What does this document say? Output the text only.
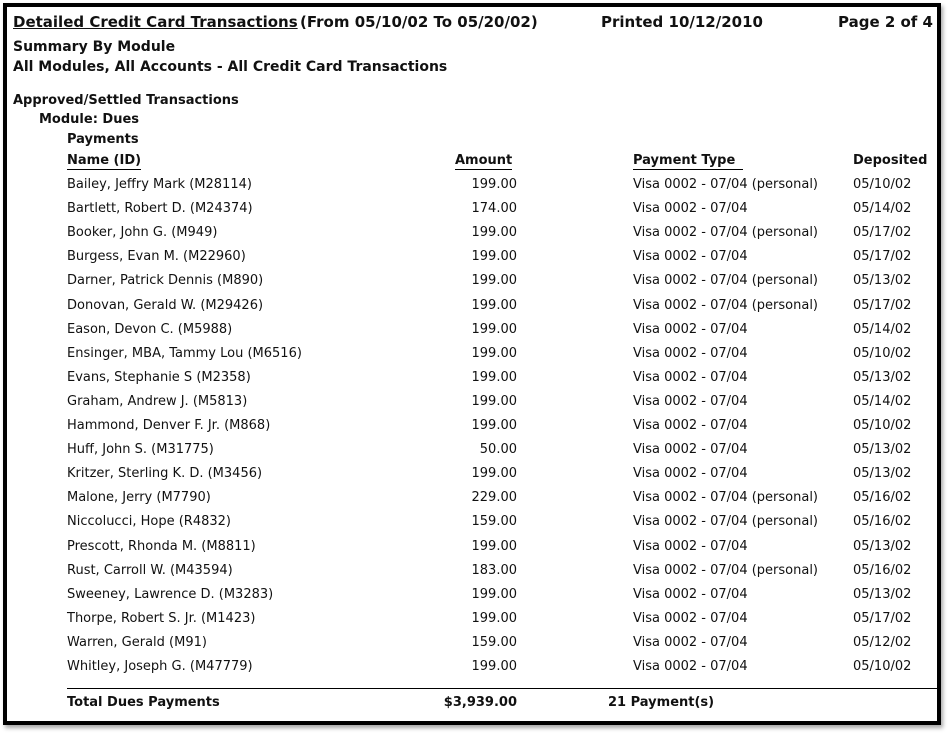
Detailed Credit Card Transactions (From 05/10/02 To 05/20/02)	Printed 10/12/2010	Page 2 of 4
Summary By Module
All Modules, All Accounts - All Credit Card Transactions
Approved/Settled Transactions
Module: Dues
Payments
Name (ID)	Amount	Payment Type	Deposited
Bailey, Jeffry Mark (M28114)	199.00	Visa 0002 - 07/04 (personal)	05/10/02
Bartlett, Robert D. (M24374)	174.00	Visa 0002 - 07/04	05/14/02
Booker, John G. (M949)	199.00	Visa 0002 - 07/04 (personal)	05/17/02
Burgess, Evan M. (M22960)	199.00	Visa 0002 - 07/04	05/17/02
Darner, Patrick Dennis (M890)	199.00	Visa 0002 - 07/04 (personal)	05/13/02
Donovan, Gerald W. (M29426)	199.00	Visa 0002 - 07/04 (personal)	05/17/02
Eason, Devon C. (M5988)	199.00	Visa 0002 - 07/04	05/14/02
Ensinger, MBA, Tammy Lou (M6516)	199.00	Visa 0002 - 07/04	05/10/02
Evans, Stephanie S (M2358)	199.00	Visa 0002 - 07/04	05/13/02
Graham, Andrew J. (M5813)	199.00	Visa 0002 - 07/04	05/14/02
Hammond, Denver F. Jr. (M868)	199.00	Visa 0002 - 07/04	05/10/02
Huff, John S. (M31775)	50.00	Visa 0002 - 07/04	05/13/02
Kritzer, Sterling K. D. (M3456)	199.00	Visa 0002 - 07/04	05/13/02
Malone, Jerry (M7790)	229.00	Visa 0002 - 07/04 (personal)	05/16/02
Niccolucci, Hope (R4832)	159.00	Visa 0002 - 07/04 (personal)	05/16/02
Prescott, Rhonda M. (M8811)	199.00	Visa 0002 - 07/04	05/13/02
Rust, Carroll W. (M43594)	183.00	Visa 0002 - 07/04 (personal)	05/16/02
Sweeney, Lawrence D. (M3283)	199.00	Visa 0002 - 07/04	05/13/02
Thorpe, Robert S. Jr. (M1423)	199.00	Visa 0002 - 07/04	05/17/02
Warren, Gerald (M91)	159.00	Visa 0002 - 07/04	05/12/02
Whitley, Joseph G. (M47779)	199.00	Visa 0002 - 07/04	05/10/02
Total Dues Payments	$3,939.00	21 Payment(s)
